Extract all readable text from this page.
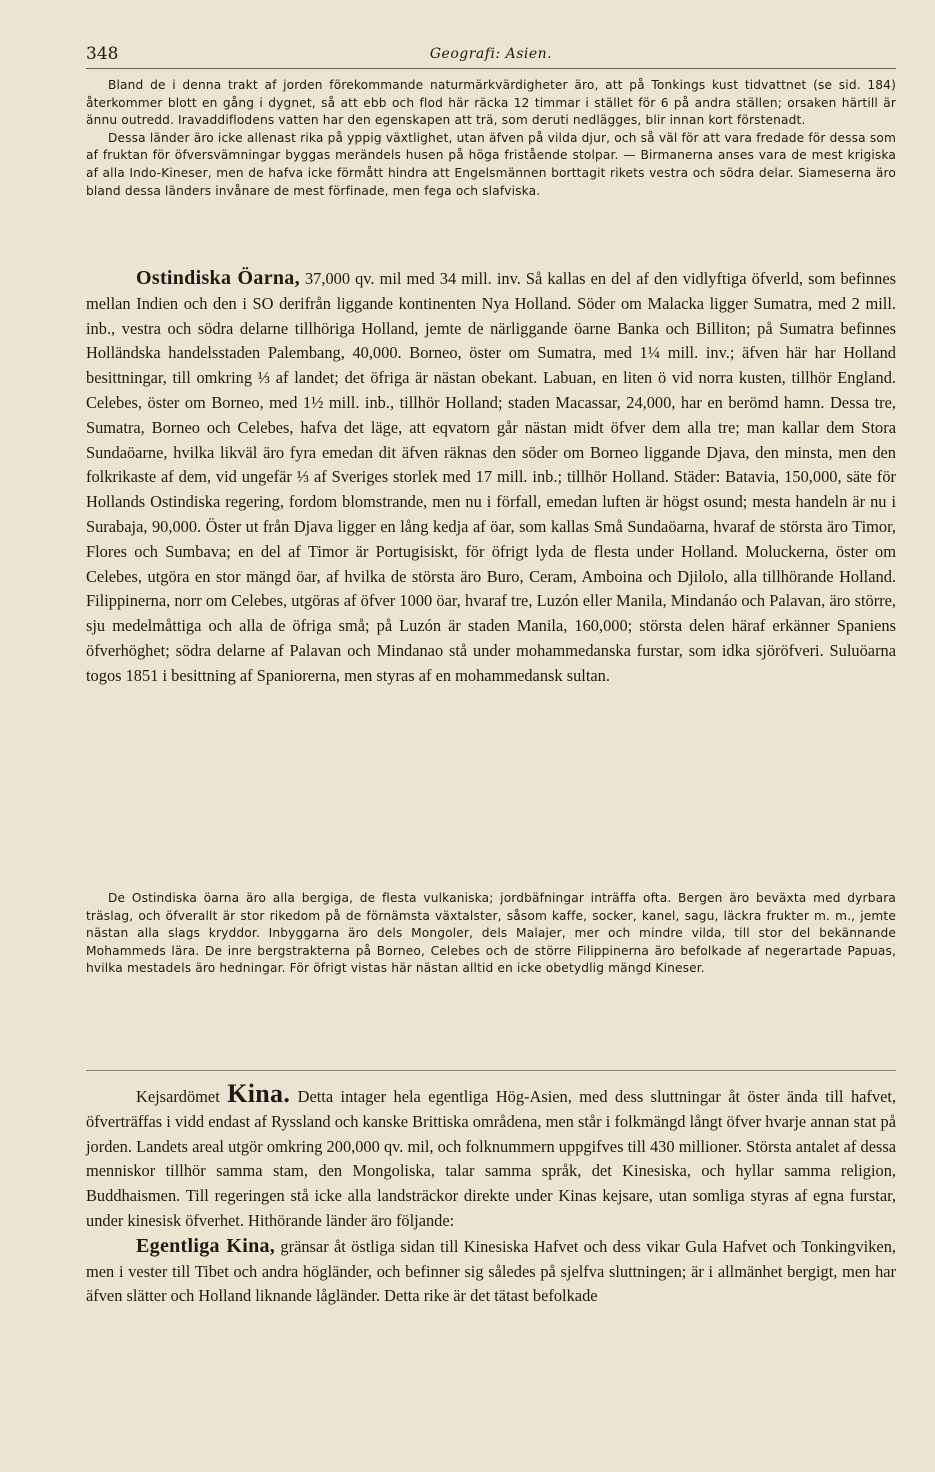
348	Geografi: Asien.

Bland de i denna trakt af jorden förekommande naturmärkvärdigheter äro, att på Tonkings kust tidvattnet (se sid. 184) återkommer blott en gång i dygnet, så att ebb och flod här räcka 12 timmar i stället för 6 på andra ställen; orsaken härtill är ännu outredd. Iravaddiflodens vatten har den egenskapen att trä, som deruti nedlägges, blir innan kort förstenadt.

Dessa länder äro icke allenast rika på yppig växtlighet, utan äfven på vilda djur, och så väl för att vara fredade för dessa som af fruktan för öfversvämningar byggas merändels husen på höga fristående stolpar. — Birmanerna anses vara de mest krigiska af alla Indo-Kineser, men de hafva icke förmått hindra att Engelsmännen borttagit rikets vestra och södra delar. Siameserna äro bland dessa länders invånare de mest förfinade, men fega och slafviska.

Ostindiska Öarna, 37,000 qv. mil med 34 mill. inv. Så kallas en del af den vidlyftiga öfverld, som befinnes mellan Indien och den i SO derifrån liggande kontinenten Nya Holland. Söder om Malacka ligger Sumatra, med 2 mill. inb., vestra och södra delarne tillhöriga Holland, jemte de närliggande öarne Banka och Billiton; på Sumatra befinnes Holländska handelsstaden Palembang, 40,000. Borneo, öster om Sumatra, med 1¼ mill. inv.; äfven här har Holland besittningar, till omkring ⅓ af landet; det öfriga är nästan obekant. Labuan, en liten ö vid norra kusten, tillhör England. Celebes, öster om Borneo, med 1½ mill. inb., tillhör Holland; staden Macassar, 24,000, har en berömd hamn. Dessa tre, Sumatra, Borneo och Celebes, hafva det läge, att eqvatorn går nästan midt öfver dem alla tre; man kallar dem Stora Sundaöarne, hvilka likväl äro fyra emedan dit äfven räknas den söder om Borneo liggande Djava, den minsta, men den folkrikaste af dem, vid ungefär ⅓ af Sveriges storlek med 17 mill. inb.; tillhör Holland. Städer: Batavia, 150,000, säte för Hollands Ostindiska regering, fordom blomstrande, men nu i förfall, emedan luften är högst osund; mesta handeln är nu i Surabaja, 90,000. Öster ut från Djava ligger en lång kedja af öar, som kallas Små Sundaöarna, hvaraf de största äro Timor, Flores och Sumbava; en del af Timor är Portugisiskt, för öfrigt lyda de flesta under Holland. Moluckerna, öster om Celebes, utgöra en stor mängd öar, af hvilka de största äro Buro, Ceram, Amboina och Djilolo, alla tillhörande Holland. Filippinerna, norr om Celebes, utgöras af öfver 1000 öar, hvaraf tre, Luzón eller Manila, Mindanáo och Palavan, äro större, sju medelmåttiga och alla de öfriga små; på Luzón är staden Manila, 160,000; största delen häraf erkänner Spaniens öfverhöghet; södra delarne af Palavan och Mindanao stå under mohammedanska furstar, som idka sjöröfveri. Suluöarna togos 1851 i besittning af Spaniorerna, men styras af en mohammedansk sultan.

De Ostindiska öarna äro alla bergiga, de flesta vulkaniska; jordbäfningar inträffa ofta. Bergen äro beväxta med dyrbara träslag, och öfverallt är stor rikedom på de förnämsta växtalster, såsom kaffe, socker, kanel, sagu, läckra frukter m. m., jemte nästan alla slags kryddor. Inbyggarna äro dels Mongoler, dels Malajer, mer och mindre vilda, till stor del bekännande Mohammeds lära. De inre bergstrakterna på Borneo, Celebes och de större Filippinerna äro befolkade af negerartade Papuas, hvilka mestadels äro hedningar. För öfrigt vistas här nästan alltid en icke obetydlig mängd Kineser.

Kejsardömet Kina. Detta intager hela egentliga Hög-Asien, med dess sluttningar åt öster ända till hafvet, öfverträffas i vidd endast af Ryssland och kanske Brittiska områdena, men står i folkmängd långt öfver hvarje annan stat på jorden. Landets areal utgör omkring 200,000 qv. mil, och folknummern uppgifves till 430 millioner. Största antalet af dessa menniskor tillhör samma stam, den Mongoliska, talar samma språk, det Kinesiska, och hyllar samma religion, Buddhaismen. Till regeringen stå icke alla landsträckor direkte under Kinas kejsare, utan somliga styras af egna furstar, under kinesisk öfverhet. Hithörande länder äro följande:

Egentliga Kina, gränsar åt östliga sidan till Kinesiska Hafvet och dess vikar Gula Hafvet och Tonkingviken, men i vester till Tibet och andra högländer, och befinner sig således på sjelfva sluttningen; är i allmänhet bergigt, men har äfven slätter och Holland liknande lågländer. Detta rike är det tätast befolkade
